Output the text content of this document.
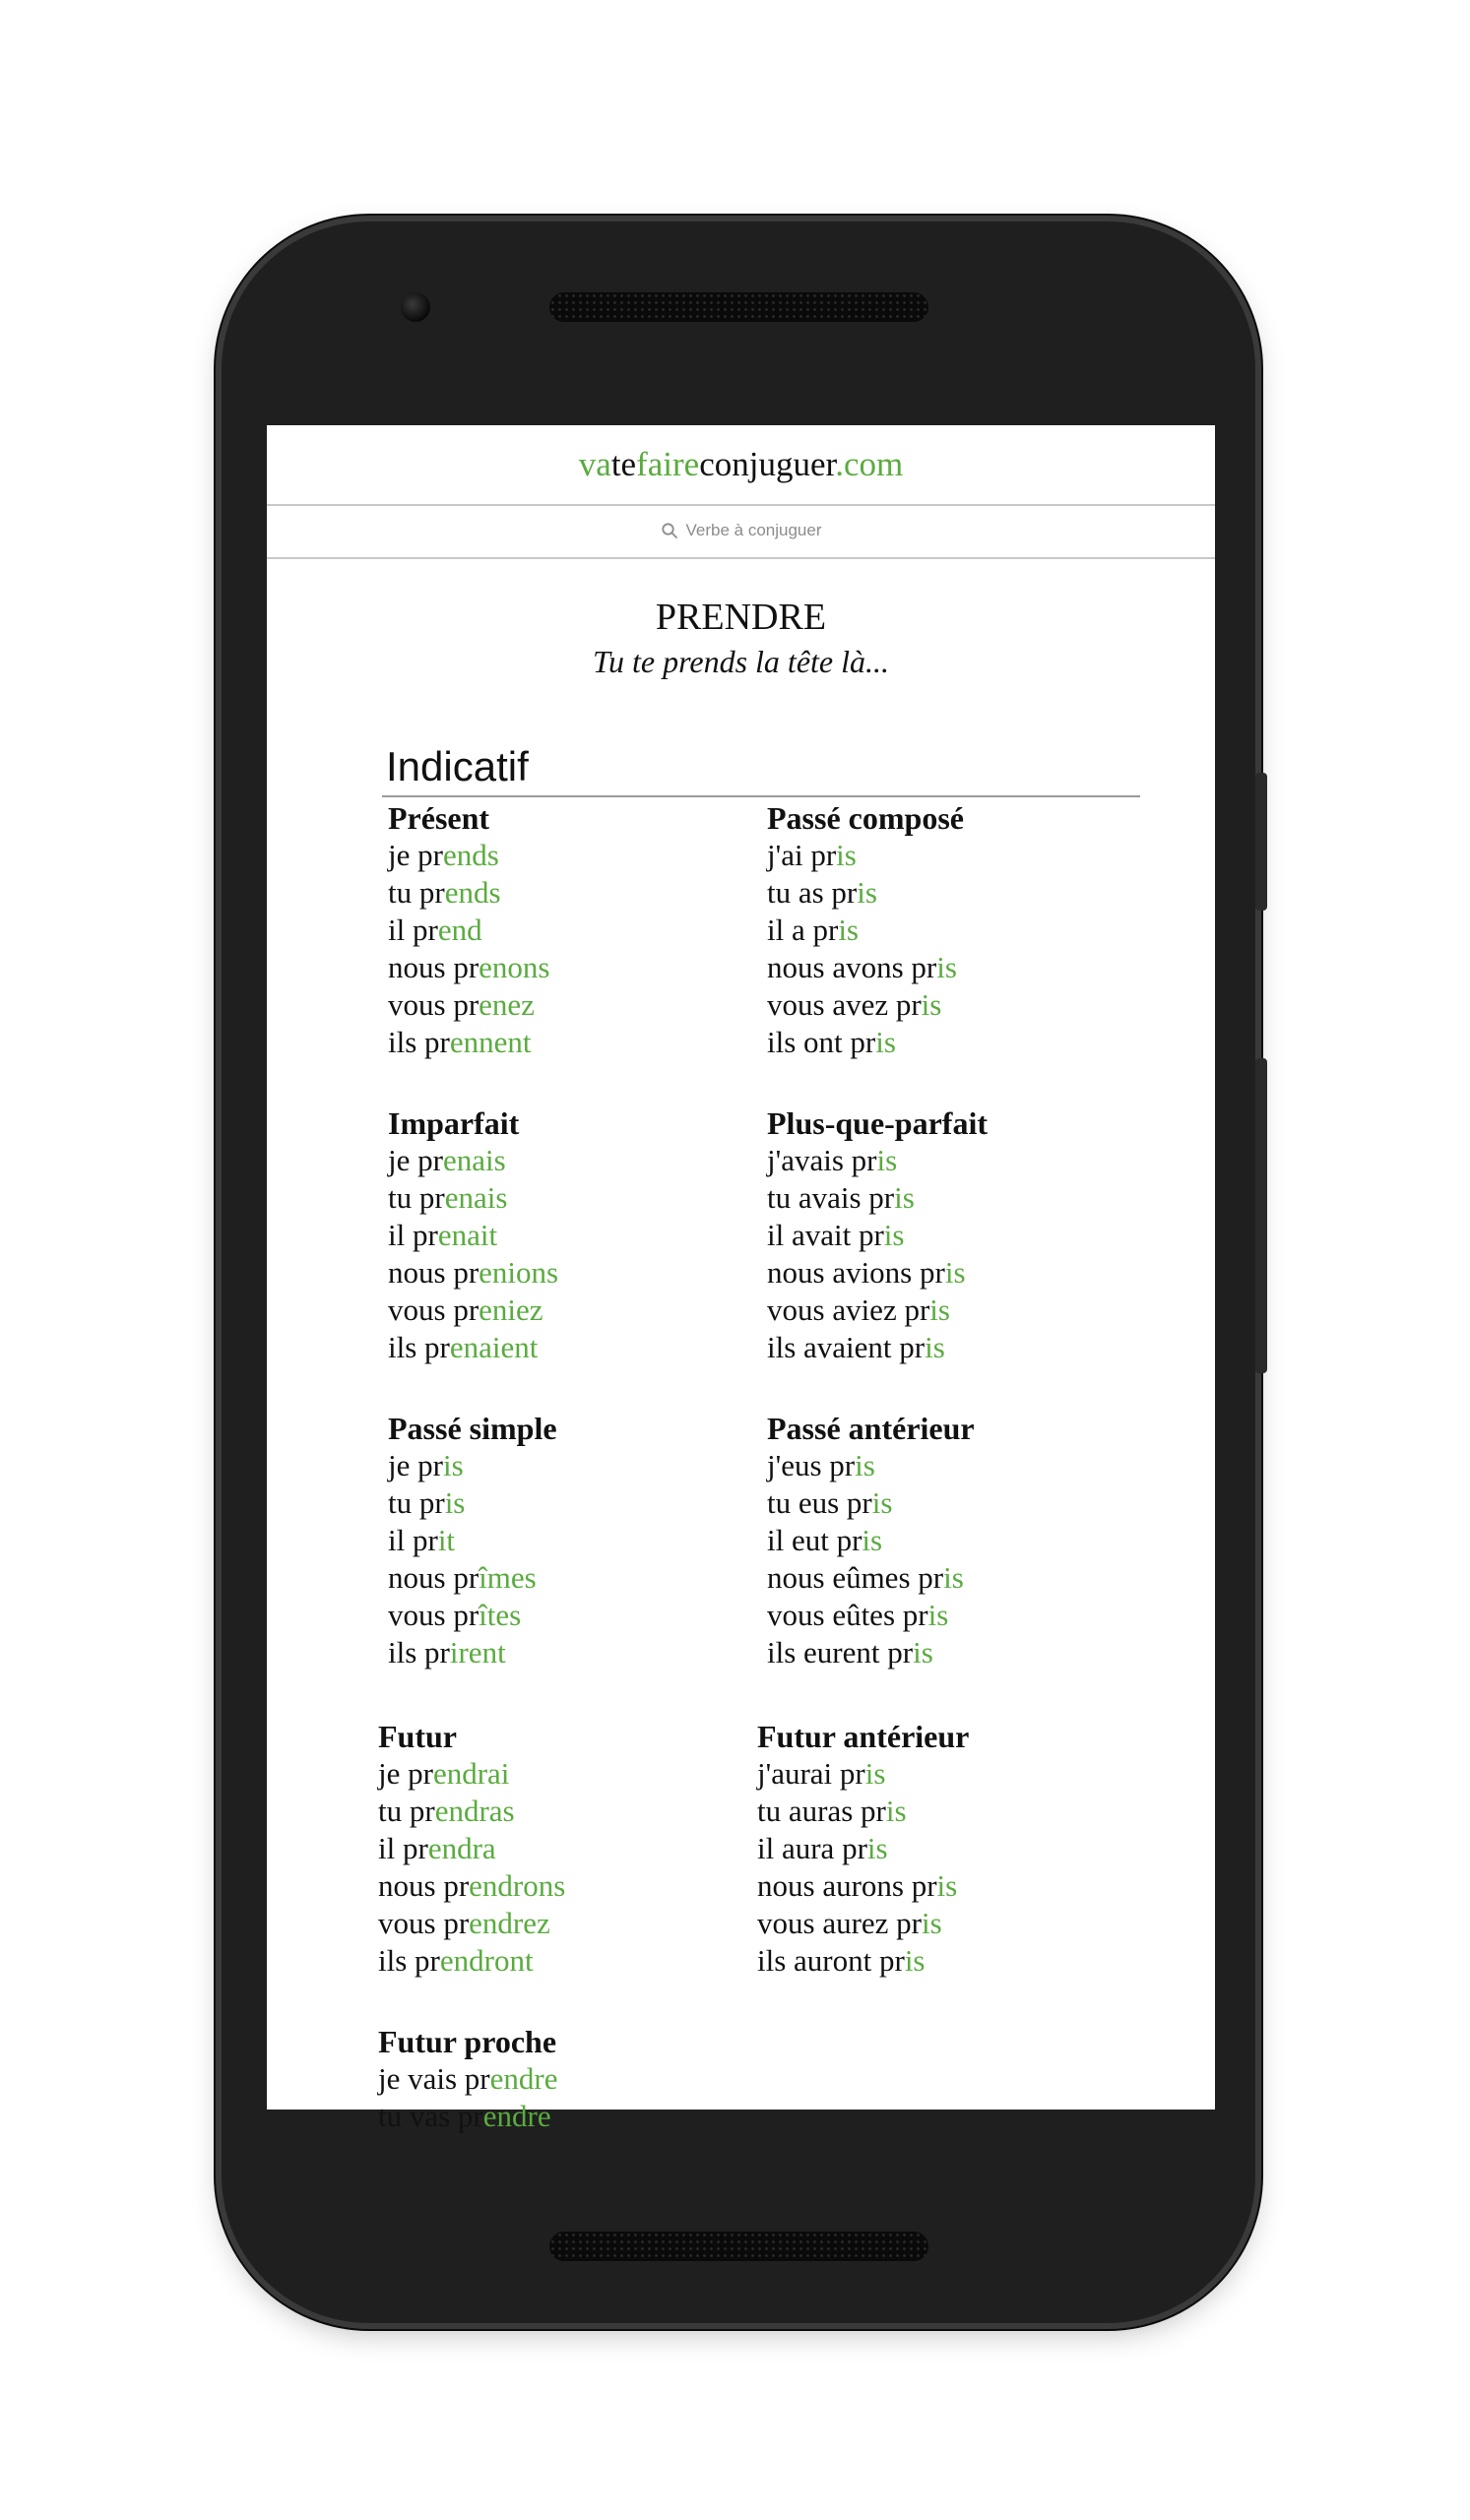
vatefaireconjuguer.com
Verbe à conjuguer
PRENDRE
Tu te prends la tête là...
Indicatif
Présent
je prends
tu prends
il prend
nous prenons
vous prenez
ils prennent
Passé composé
j'ai pris
tu as pris
il a pris
nous avons pris
vous avez pris
ils ont pris
Imparfait
je prenais
tu prenais
il prenait
nous prenions
vous preniez
ils prenaient
Plus-que-parfait
j'avais pris
tu avais pris
il avait pris
nous avions pris
vous aviez pris
ils avaient pris
Passé simple
je pris
tu pris
il prit
nous prîmes
vous prîtes
ils prirent
Passé antérieur
j'eus pris
tu eus pris
il eut pris
nous eûmes pris
vous eûtes pris
ils eurent pris
Futur
je prendrai
tu prendras
il prendra
nous prendrons
vous prendrez
ils prendront
Futur antérieur
j'aurai pris
tu auras pris
il aura pris
nous aurons pris
vous aurez pris
ils auront pris
Futur proche
je vais prendre
tu vas prendre
